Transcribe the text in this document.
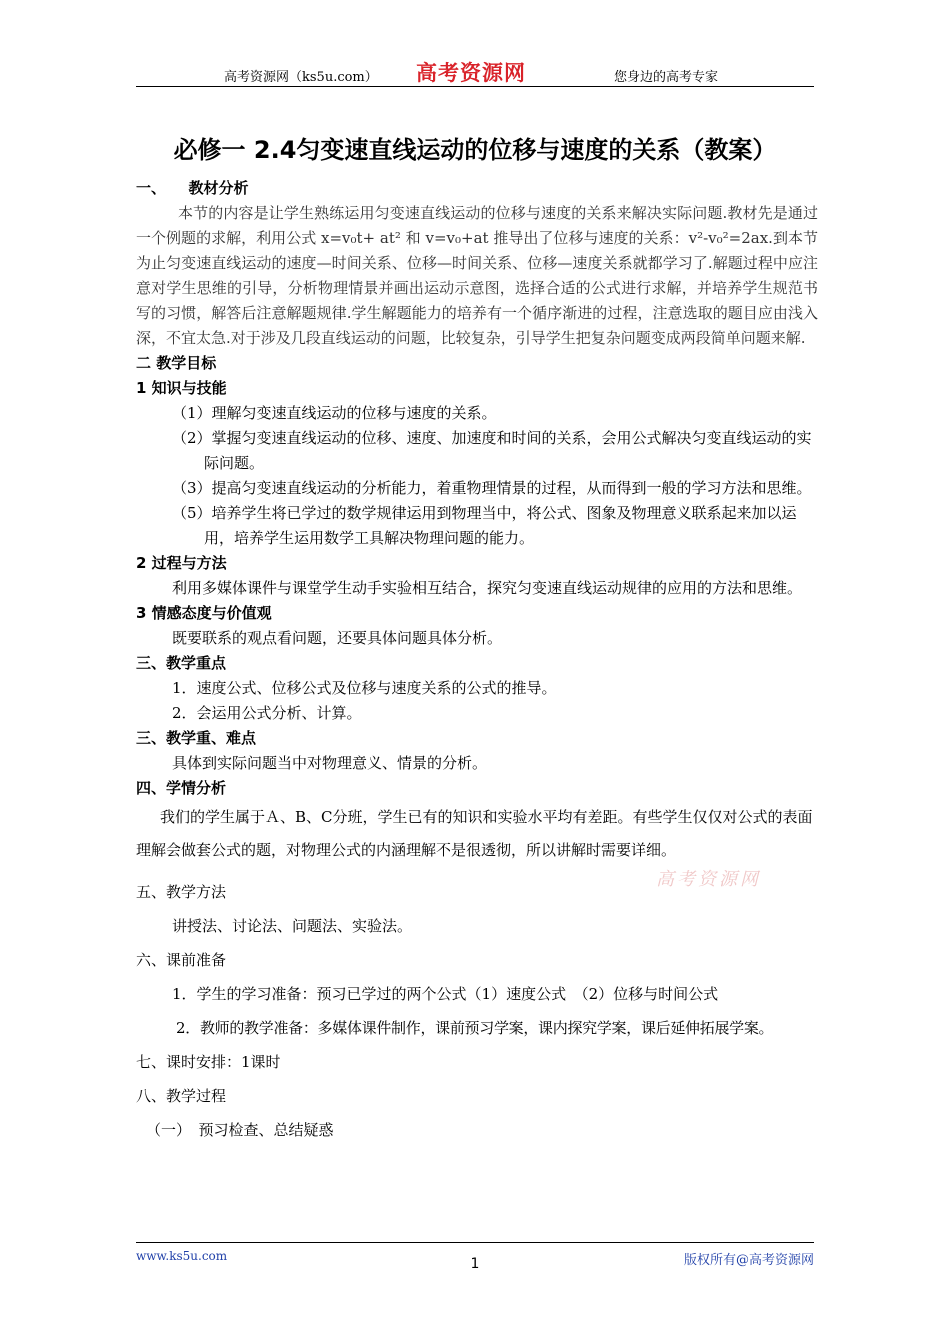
高考资源网（ks5u.com） 高考资源网	您身边的高考专家
必修一 2.4匀变速直线运动的位移与速度的关系（教案）
一、　　教材分析
本节的内容是让学生熟练运用匀变速直线运动的位移与速度的关系来解决实际问题.教材先是通过一个例题的求解，利用公式 x=v₀t+ at² 和 v=v₀+at 推导出了位移与速度的关系：v²-v₀²=2ax.到本节为止匀变速直线运动的速度—时间关系、位移—时间关系、位移—速度关系就都学习了.解题过程中应注意对学生思维的引导，分析物理情景并画出运动示意图，选择合适的公式进行求解，并培养学生规范书写的习惯，解答后注意解题规律.学生解题能力的培养有一个循序渐进的过程，注意选取的题目应由浅入深，不宜太急.对于涉及几段直线运动的问题，比较复杂，引导学生把复杂问题变成两段简单问题来解.
二 教学目标
1 知识与技能
（1）理解匀变速直线运动的位移与速度的关系。
（2）掌握匀变速直线运动的位移、速度、加速度和时间的关系，会用公式解决匀变直线运动的实际问题。
（3）提高匀变速直线运动的分析能力，着重物理情景的过程，从而得到一般的学习方法和思维。
（5）培养学生将已学过的数学规律运用到物理当中，将公式、图象及物理意义联系起来加以运用，培养学生运用数学工具解决物理问题的能力。
2 过程与方法
利用多媒体课件与课堂学生动手实验相互结合，探究匀变速直线运动规律的应用的方法和思维。
3 情感态度与价值观
既要联系的观点看问题，还要具体问题具体分析。
三、教学重点
1．速度公式、位移公式及位移与速度关系的公式的推导。
2．会运用公式分析、计算。
三、教学重、难点
具体到实际问题当中对物理意义、情景的分析。
四、学情分析
我们的学生属于Ａ、B、C分班，学生已有的知识和实验水平均有差距。有些学生仅仅对公式的表面理解会做套公式的题，对物理公式的内涵理解不是很透彻，所以讲解时需要详细。
五、教学方法
讲授法、讨论法、问题法、实验法。
六、课前准备
1．学生的学习准备：预习已学过的两个公式（1）速度公式　（2）位移与时间公式
2．教师的教学准备：多媒体课件制作，课前预习学案，课内探究学案，课后延伸拓展学案。
七、课时安排：1课时
八、教学过程
（一）　预习检查、总结疑惑
高考资源网
www.ks5u.com	版权所有@高考资源网
1
